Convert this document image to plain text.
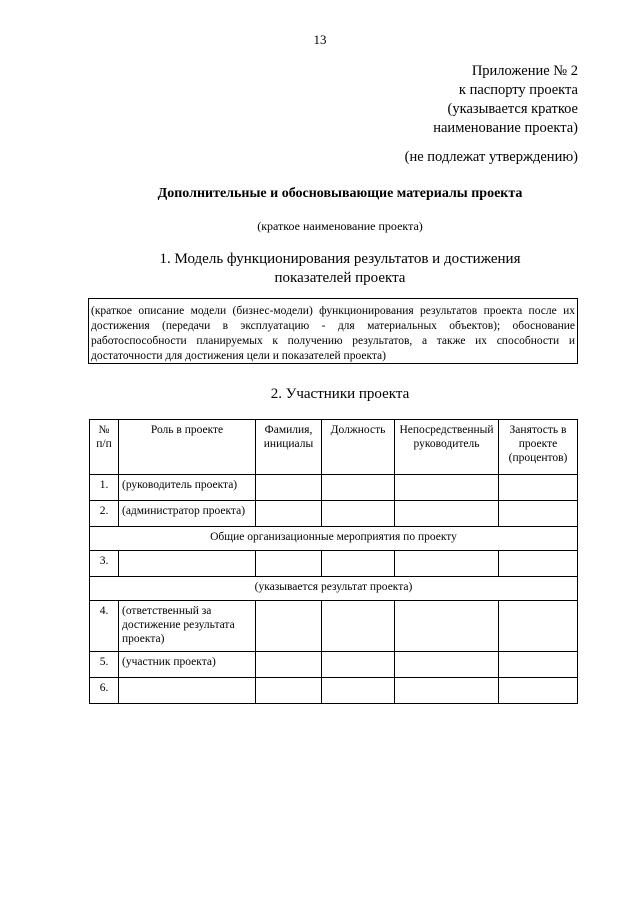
13
Приложение № 2
к паспорту проекта
(указывается краткое
наименование проекта)
(не подлежат утверждению)
Дополнительные и обосновывающие материалы проекта
(краткое наименование проекта)
1. Модель функционирования результатов и достижения
показателей проекта
(краткое описание модели (бизнес-модели) функционирования результатов проекта после их достижения (передачи в эксплуатацию - для материальных объектов); обоснование работоспособности планируемых к получению результатов, а также их способности и достаточности для достижения цели и показателей проекта)
2. Участники проекта
№ п/п	Роль в проекте	Фамилия, инициалы	Должность	Непосредственный руководитель	Занятость в проекте (процентов)
1.	(руководитель проекта)				
2.	(администратор проекта)				
Общие организационные мероприятия по проекту					
3.					
(указывается результат проекта)					
4.	(ответственный за достижение результата проекта)				
5.	(участник проекта)				
6.					
